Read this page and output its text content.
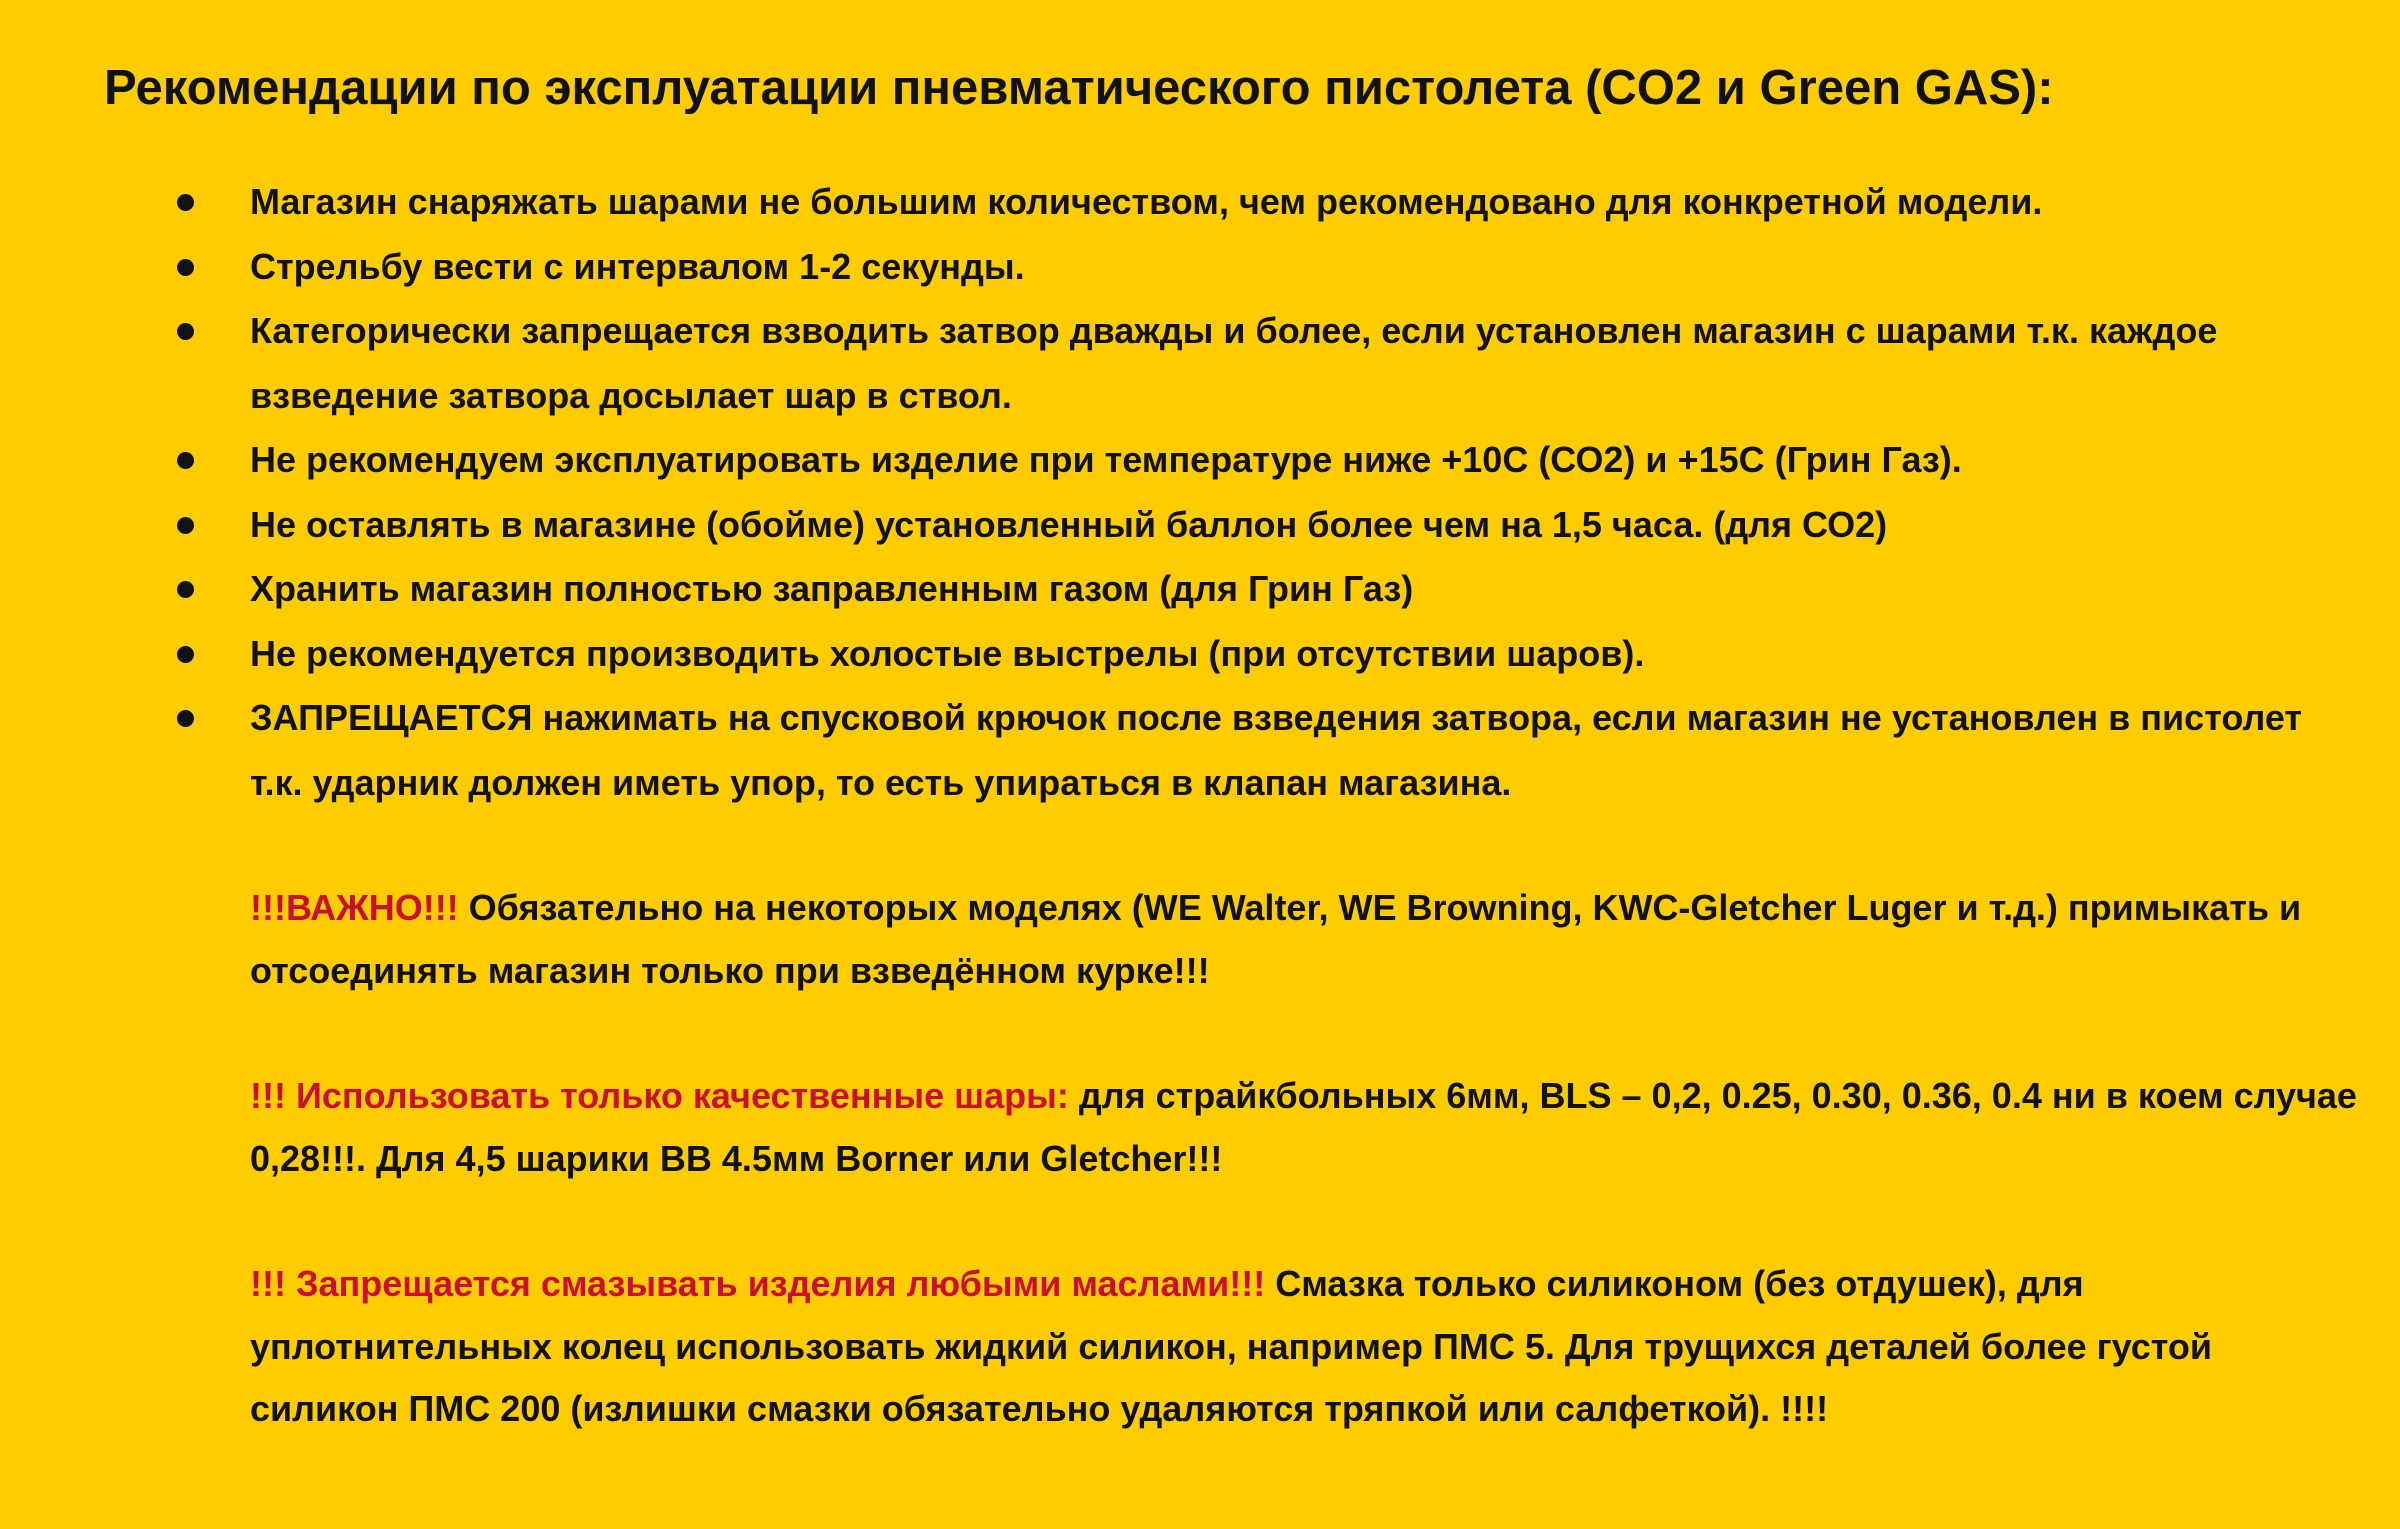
Рекомендации по эксплуатации пневматического пистолета (CO2 и Green GAS):
Магазин снаряжать шарами не большим количеством, чем рекомендовано для конкретной модели.
Стрельбу вести с интервалом 1-2 секунды.
Категорически запрещается взводить затвор дважды и более, если установлен магазин с шарами т.к. каждое взведение затвора досылает шар в ствол.
Не рекомендуем эксплуатировать изделие при температуре ниже +10С (СО2) и +15С (Грин Газ).
Не оставлять в магазине (обойме) установленный баллон более чем на 1,5 часа. (для СО2)
Хранить магазин полностью заправленным газом (для Грин Газ)
Не рекомендуется производить холостые выстрелы (при отсутствии шаров).
ЗАПРЕЩАЕТСЯ нажимать на спусковой крючок после взведения затвора, если магазин не установлен в пистолет т.к. ударник должен иметь упор, то есть упираться в клапан магазина.

!!!ВАЖНО!!! Обязательно на некоторых моделях (WE Walter, WE Browning, KWC-Gletcher Luger и т.д.) примыкать и отсоединять магазин только при взведённом курке!!!

!!! Использовать только качественные шары: для страйкбольных 6мм, BLS – 0,2, 0.25, 0.30, 0.36, 0.4 ни в коем случае 0,28!!!. Для 4,5 шарики ВВ 4.5мм Borner или Gletcher!!!

!!! Запрещается смазывать изделия любыми маслами!!! Смазка только силиконом (без отдушек), для уплотнительных колец использовать жидкий силикон, например ПМС 5. Для трущихся деталей более густой силикон ПМС 200 (излишки смазки обязательно удаляются тряпкой или салфеткой). !!!!
